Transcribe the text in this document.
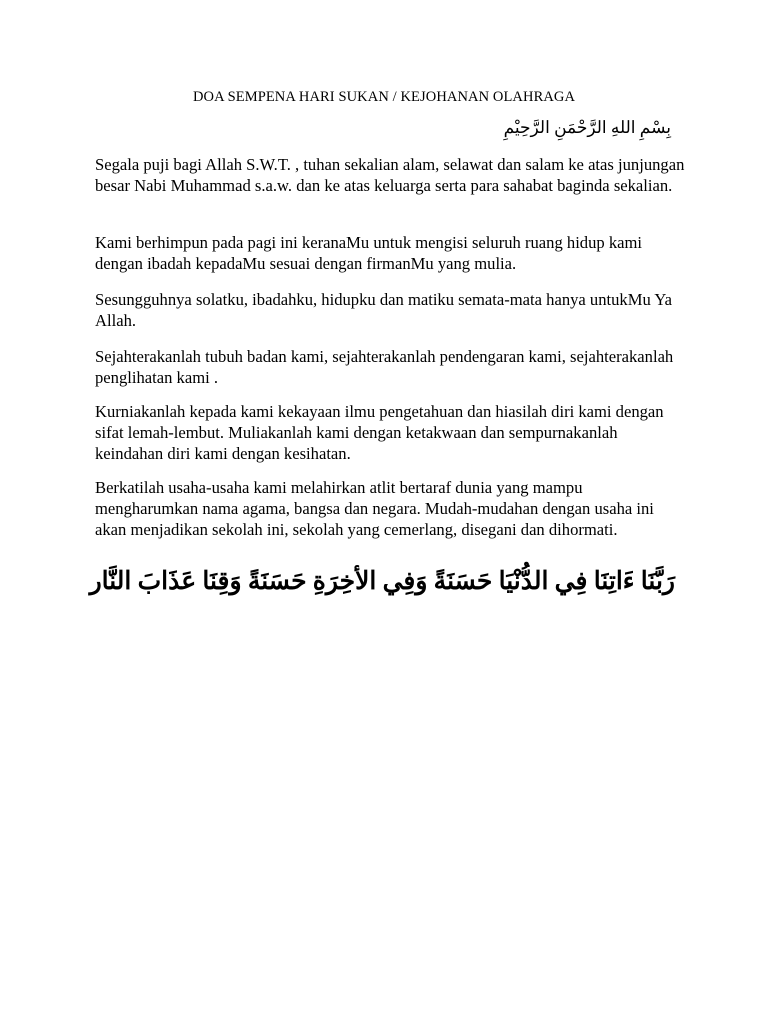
DOA SEMPENA HARI SUKAN / KEJOHANAN OLAHRAGA

بِسْمِ اللهِ الرَّحْمَنِ الرَّحِيْمِ

Segala puji bagi Allah S.W.T. , tuhan sekalian alam, selawat dan salam ke atas junjungan besar Nabi Muhammad s.a.w. dan ke atas keluarga serta para sahabat baginda sekalian.

Kami berhimpun pada pagi ini keranaMu untuk mengisi seluruh ruang hidup kami dengan ibadah kepadaMu sesuai dengan firmanMu yang mulia.

Sesungguhnya solatku, ibadahku, hidupku dan matiku semata-mata hanya untukMu Ya Allah.

Sejahterakanlah tubuh badan kami, sejahterakanlah pendengaran kami, sejahterakanlah penglihatan kami .

Kurniakanlah kepada kami kekayaan ilmu pengetahuan dan hiasilah diri kami dengan sifat lemah-lembut. Muliakanlah kami dengan ketakwaan dan sempurnakanlah keindahan diri kami dengan kesihatan.

Berkatilah usaha-usaha kami melahirkan atlit bertaraf dunia yang mampu mengharumkan nama agama, bangsa dan negara. Mudah-mudahan dengan usaha ini akan menjadikan sekolah ini, sekolah yang cemerlang, disegani dan dihormati.

رَبَّنَا ءَاتِنَا فِي الدُّنْيَا حَسَنَةً وَفِي الأخِرَةِ حَسَنَةً وَقِنَا عَذَابَ النَّار
